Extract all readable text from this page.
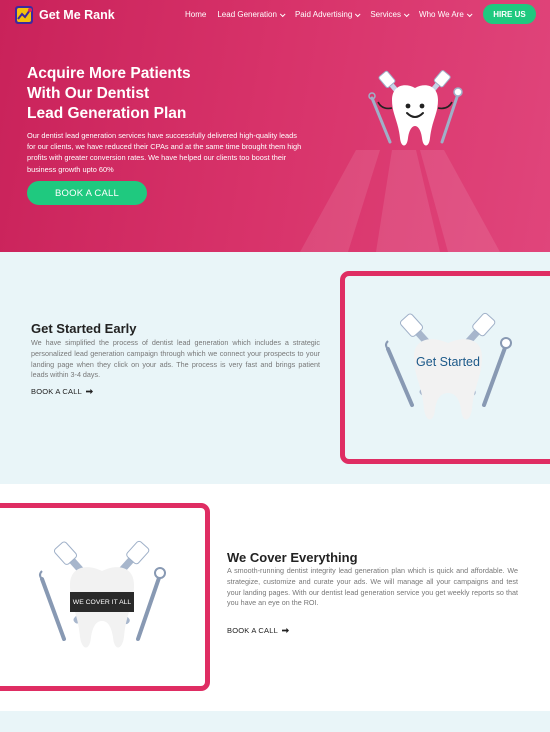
Get Me Rank	Home Lead Generation Paid Advertising Services Who We Are	HIRE US
Acquire More Patients
With Our Dentist
Lead Generation Plan

Our dentist lead generation services have successfully delivered high-quality leads for our clients, we have reduced their CPAs and at the same time brought them high profits with greater conversion rates. We have helped our clients too boost their business growth upto 60%

BOOK A CALL
Get Started Early

We have simplified the process of dentist lead generation which includes a strategic personalized lead generation campaign through which we connect your prospects to your landing page when they click on your ads. The process is very fast and brings patient leads within 3-4 days.

BOOK A CALL
Get Started
WE COVER IT ALL
We Cover Everything

A smooth-running dentist integrity lead generation plan which is quick and affordable. We strategize, customize and curate your ads. We will manage all your campaigns and test your landing pages. With our dentist lead generation service you get weekly reports so that you have an eye on the ROI.

BOOK A CALL
